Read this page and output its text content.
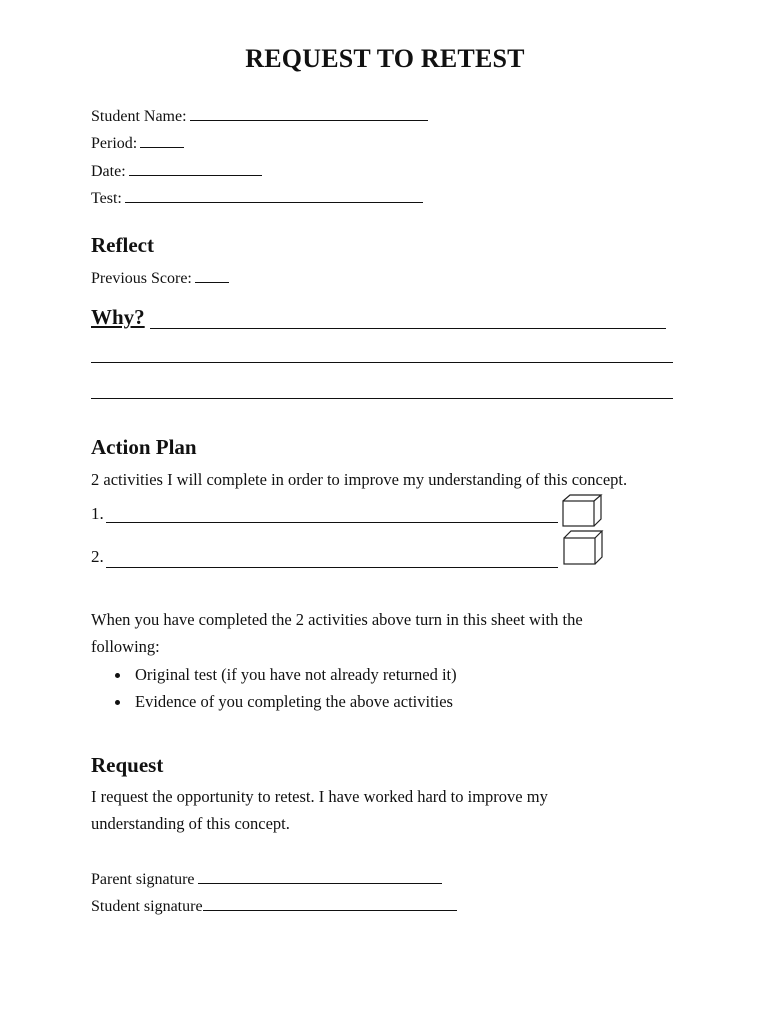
REQUEST TO RETEST
Student Name:
Period:
Date:
Test:
Reflect
Previous Score:
Why?
Action Plan
2 activities I will complete in order to improve my understanding of this concept.
1.
2.
When you have completed the 2 activities above turn in this sheet with the following:
Original test (if you have not already returned it)
Evidence of you completing the above activities
Request
I request the opportunity to retest. I have worked hard to improve my understanding of this concept.
Parent signature
Student signature
